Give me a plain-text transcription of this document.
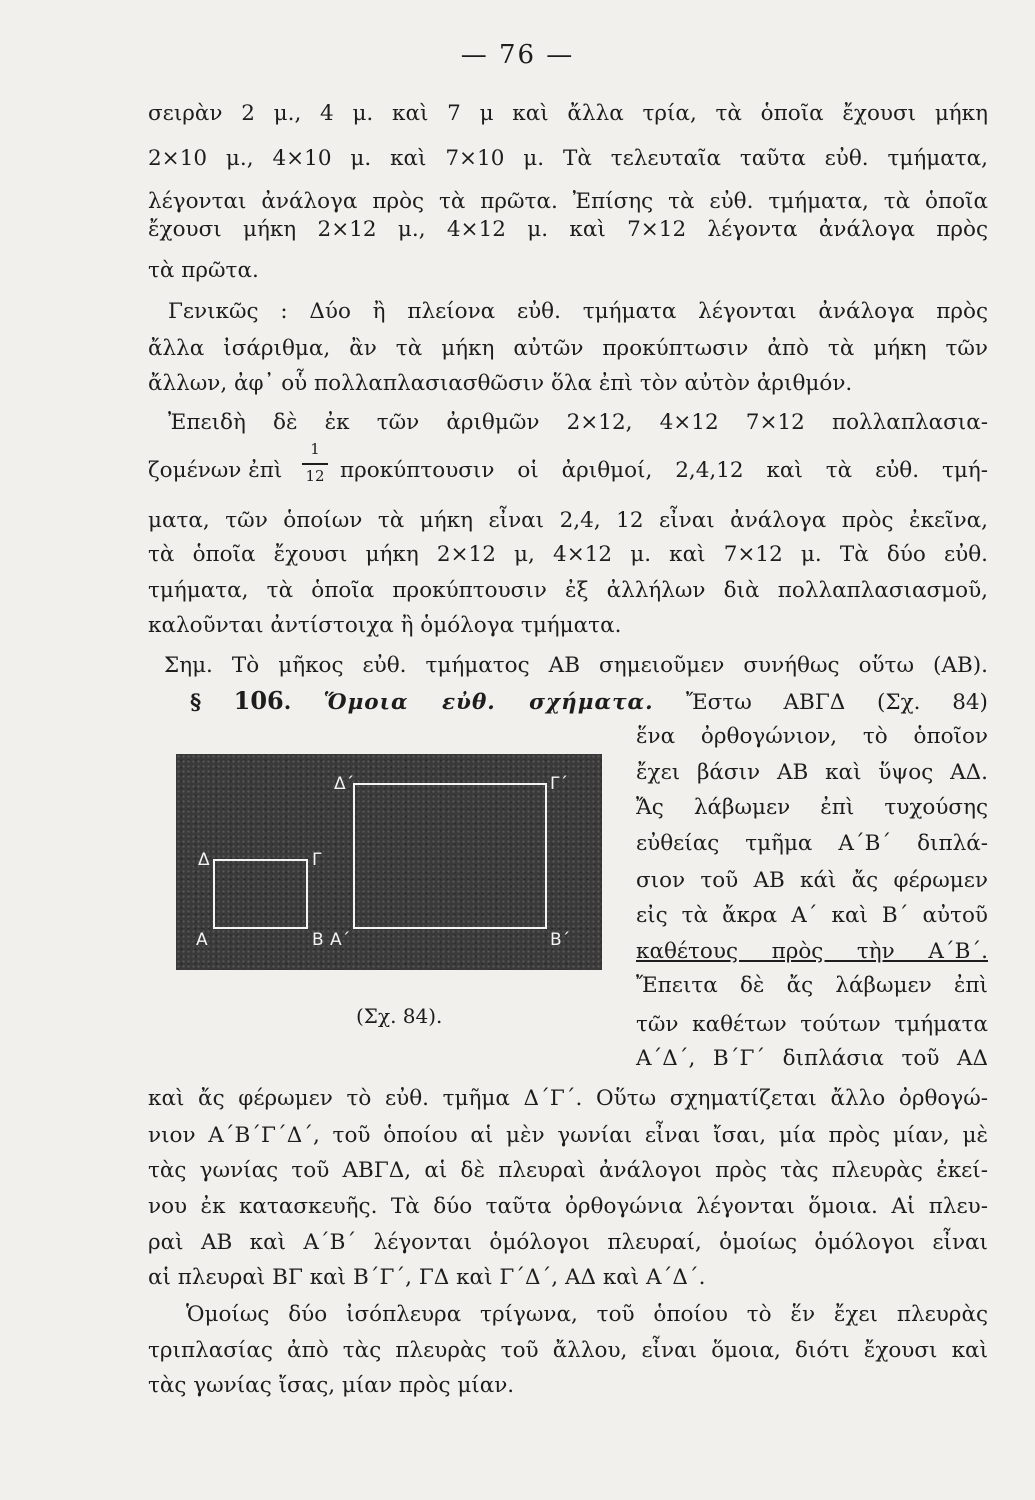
— 76 —
σειρὰν 2 μ., 4 μ. καὶ 7 μ καὶ ἄλλα τρία, τὰ ὁποῖα ἔχουσι μήκη
2×10 μ., 4×10 μ. καὶ 7×10 μ. Τὰ τελευταῖα ταῦτα εὐθ. τμήματα,
λέγονται ἀνάλογα πρὸς τὰ πρῶτα. Ἐπίσης τὰ εὐθ. τμήματα, τὰ ὁποῖα
ἔχουσι μήκη 2×12 μ., 4×12 μ. καὶ 7×12 λέγοντα ἀνάλογα πρὸς
τὰ πρῶτα.
Γενικῶς : Δύο ἢ πλείονα εὐθ. τμήματα λέγονται ἀνάλογα πρὸς
ἄλλα ἰσάριθμα, ἂν τὰ μήκη αὐτῶν προκύπτωσιν ἀπὸ τὰ μήκη τῶν
ἄλλων, ἀφ᾿ οὗ πολλαπλασιασθῶσιν ὅλα ἐπὶ τὸν αὐτὸν ἀριθμόν.
Ἐπειδὴ δὲ ἐκ τῶν ἀριθμῶν 2×12, 4×12 7×12 πολλαπλασια-
ζομένων ἐπὶ
1
12 προκύπτουσιν οἱ ἀριθμοί, 2,4,12 καὶ τὰ εὐθ. τμή-
ματα, τῶν ὁποίων τὰ μήκη εἶναι 2,4, 12 εἶναι ἀνάλογα πρὸς ἐκεῖνα,
τὰ ὁποῖα ἔχουσι μήκη 2×12 μ, 4×12 μ. καὶ 7×12 μ. Τὰ δύο εὐθ.
τμήματα, τὰ ὁποῖα προκύπτουσιν ἐξ ἀλλήλων διὰ πολλαπλασιασμοῦ,
καλοῦνται ἀντίστοιχα ἢ ὁμόλογα τμήματα.
Σημ. Τὸ μῆκος εὐθ. τμήματος ΑΒ σημειοῦμεν συνήθως οὕτω (ΑΒ).
§ 106. Ὅμοια εὐθ. σχήματα. Ἔστω ΑΒΓΔ (Σχ. 84)
ἕνα ὀρθογώνιον, τὸ ὁποῖον
ἔχει βάσιν ΑΒ καὶ ὕψος ΑΔ.
Ἄς λάβωμεν ἐπὶ τυχούσης
εὐθείας τμῆμα Α΄Β΄ διπλά-
σιον τοῦ ΑΒ κάὶ ἄς φέρωμεν
εἰς τὰ ἄκρα Α΄ καὶ Β΄ αὐτοῦ
καθέτους πρὸς τὴν Α΄Β΄.
Ἔπειτα δὲ ἄς λάβωμεν ἐπὶ
τῶν καθέτων τούτων τμήματα
Α΄Δ΄, Β΄Γ΄ διπλάσια τοῦ ΑΔ
Α	Β
Γ
Δ
Α΄	Β΄
Γ΄
Δ΄
(Σχ. 84).
καὶ ἄς φέρωμεν τὸ εὐθ. τμῆμα Δ΄Γ΄. Οὕτω σχηματίζεται ἄλλο ὀρθογώ-
νιον Α΄Β΄Γ΄Δ΄, τοῦ ὁποίου αἱ μὲν γωνίαι εἶναι ἴσαι, μία πρὸς μίαν, μὲ
τὰς γωνίας τοῦ ΑΒΓΔ, αἱ δὲ πλευραὶ ἀνάλογοι πρὸς τὰς πλευρὰς ἐκεί-
νου ἐκ κατασκευῆς. Τὰ δύο ταῦτα ὀρθογώνια λέγονται ὅμοια. Αἱ πλευ-
ραὶ ΑΒ καὶ Α΄Β΄ λέγονται ὁμόλογοι πλευραί, ὁμοίως ὁμόλογοι εἶναι
αἱ πλευραὶ ΒΓ καὶ Β΄Γ΄, ΓΔ καὶ Γ΄Δ΄, ΑΔ καὶ Α΄Δ΄.
Ὁμοίως δύο ἰσόπλευρα τρίγωνα, τοῦ ὁποίου τὸ ἕν ἔχει πλευρὰς
τριπλασίας ἀπὸ τὰς πλευρὰς τοῦ ἄλλου, εἶναι ὅμοια, διότι ἔχουσι καὶ
τὰς γωνίας ἴσας, μίαν πρὸς μίαν.
